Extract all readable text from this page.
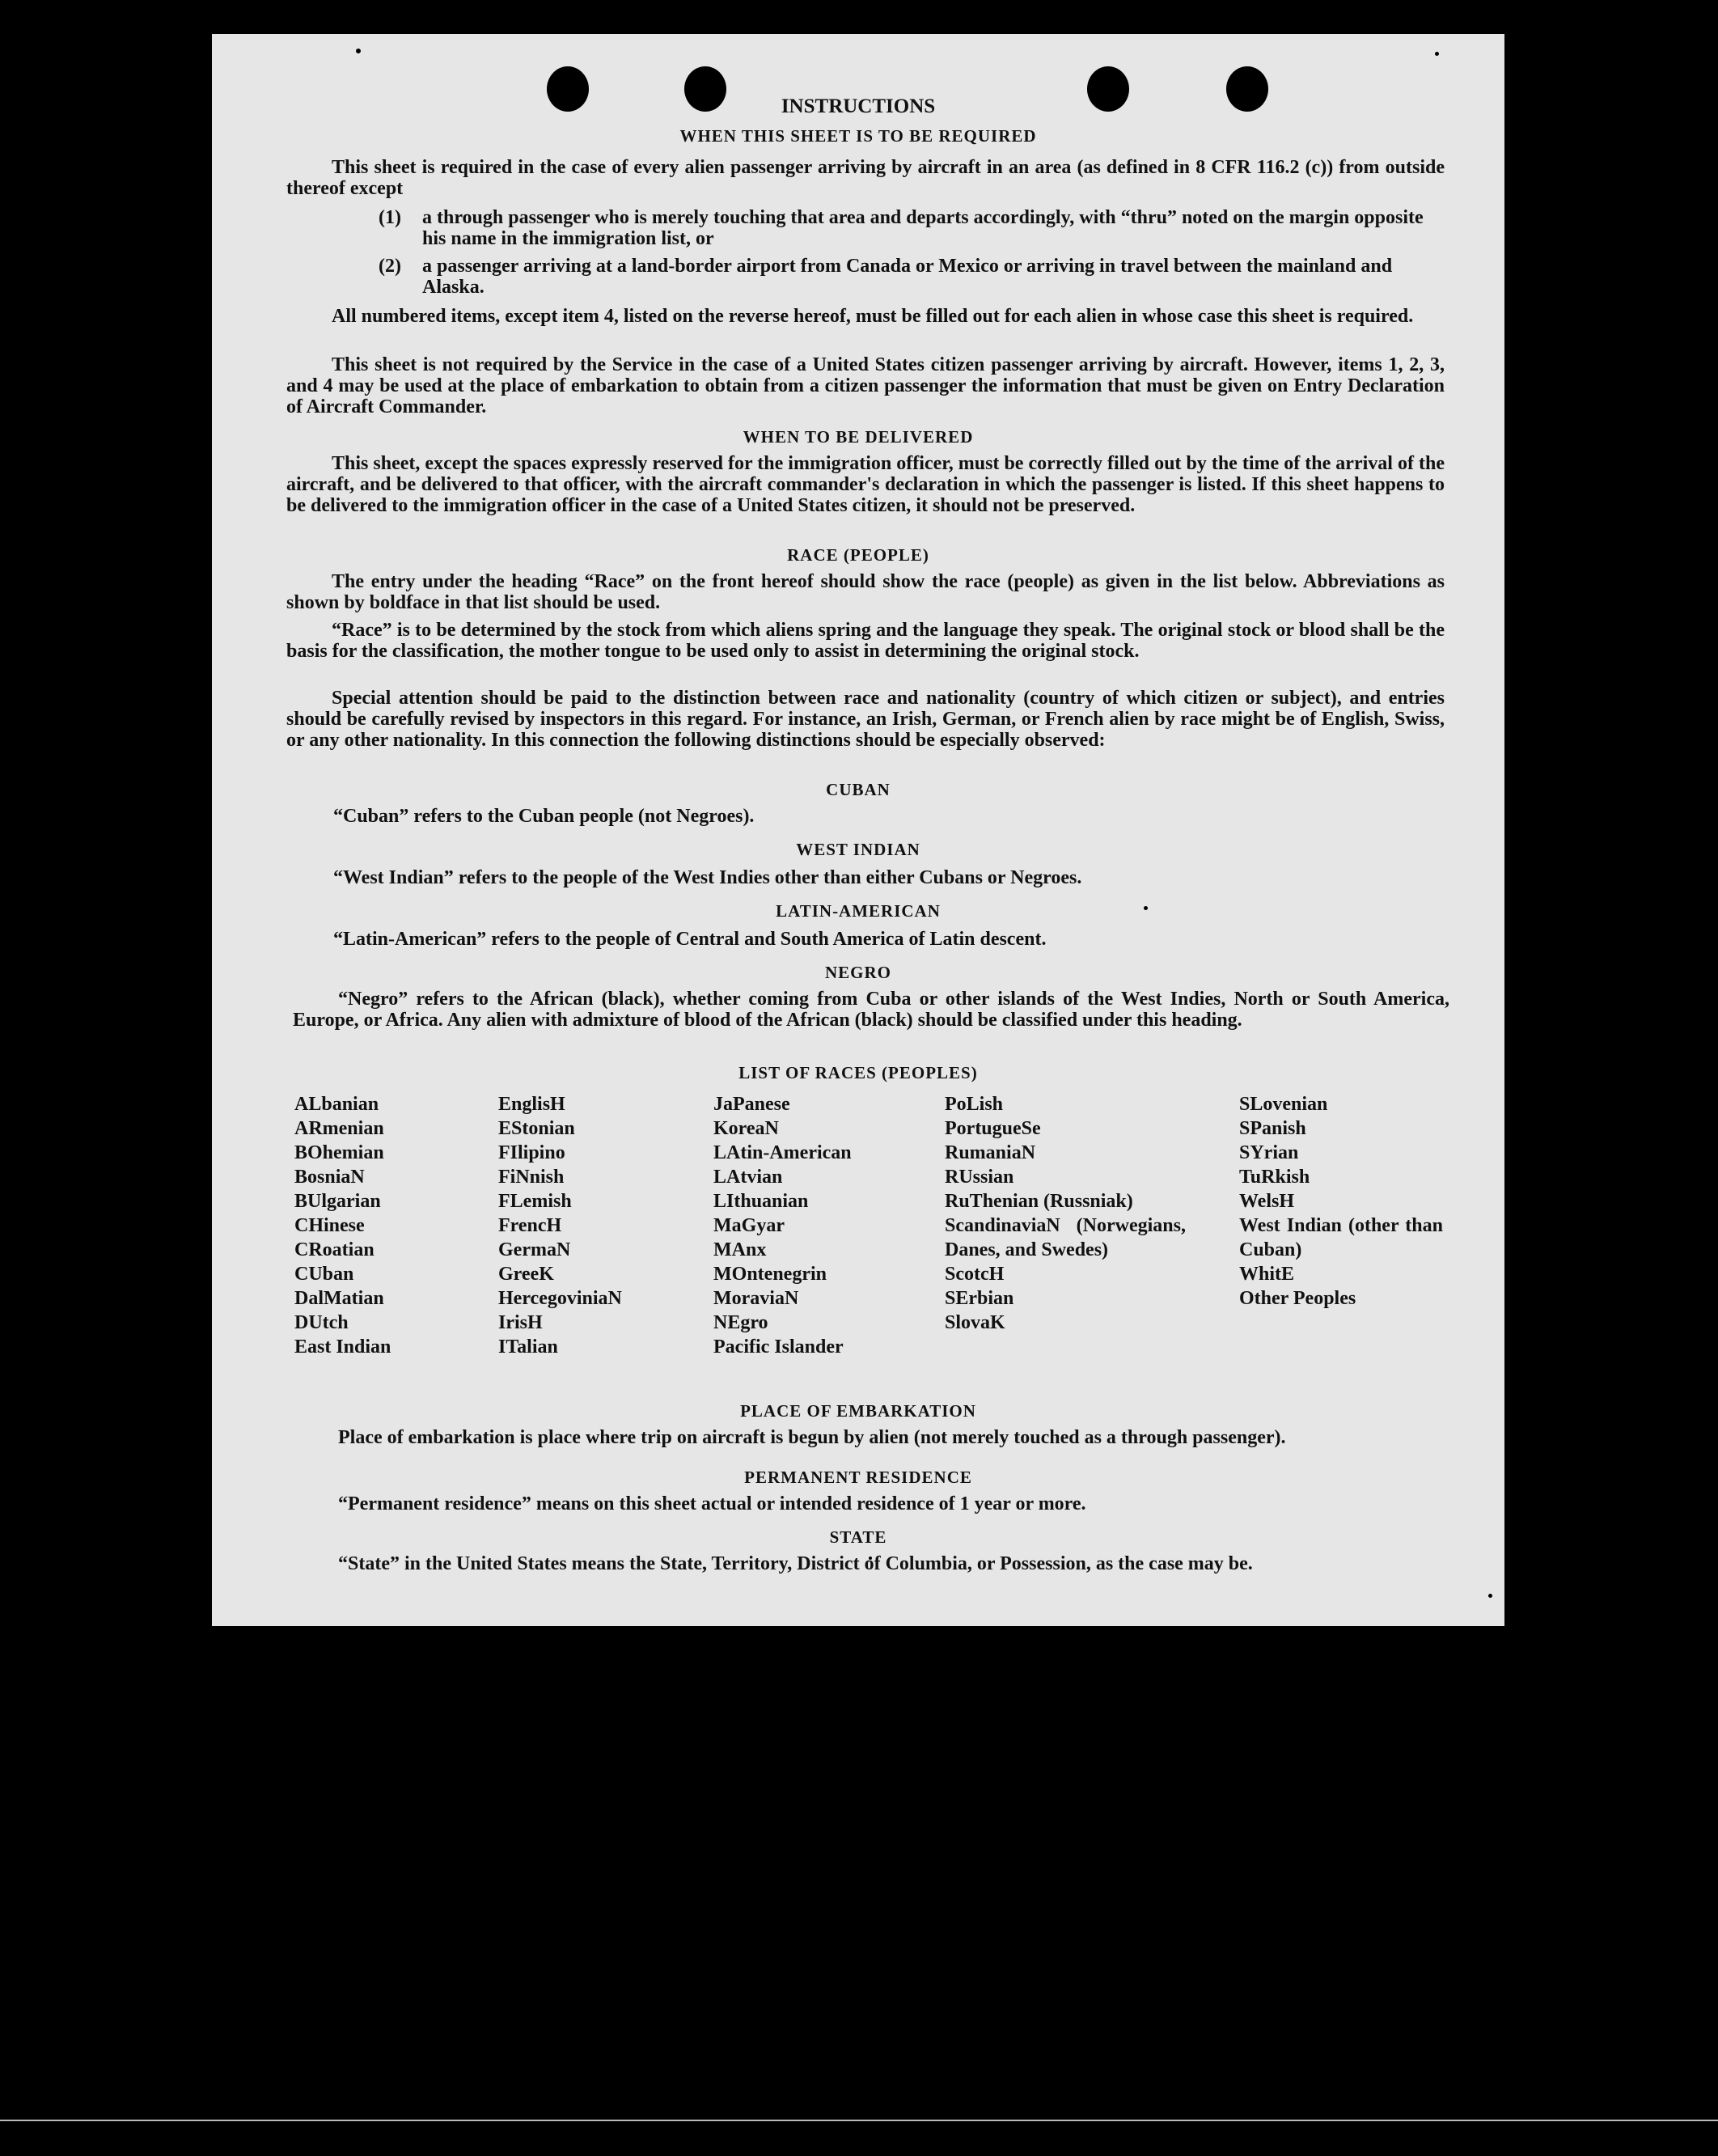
INSTRUCTIONS
WHEN THIS SHEET IS TO BE REQUIRED
This sheet is required in the case of every alien passenger arriving by aircraft in an area (as defined in 8 CFR 116.2 (c)) from outside thereof except
(1) a through passenger who is merely touching that area and departs accordingly, with “thru” noted on the margin opposite his name in the immigration list, or
(2) a passenger arriving at a land-border airport from Canada or Mexico or arriving in travel between the mainland and Alaska.
All numbered items, except item 4, listed on the reverse hereof, must be filled out for each alien in whose case this sheet is required.
This sheet is not required by the Service in the case of a United States citizen passenger arriving by aircraft. However, items 1, 2, 3, and 4 may be used at the place of embarkation to obtain from a citizen passenger the information that must be given on Entry Declaration of Aircraft Commander.
WHEN TO BE DELIVERED
This sheet, except the spaces expressly reserved for the immigration officer, must be correctly filled out by the time of the arrival of the aircraft, and be delivered to that officer, with the aircraft commander's declaration in which the passenger is listed. If this sheet happens to be delivered to the immigration officer in the case of a United States citizen, it should not be preserved.
RACE (PEOPLE)
The entry under the heading “Race” on the front hereof should show the race (people) as given in the list below. Abbreviations as shown by boldface in that list should be used.
“Race” is to be determined by the stock from which aliens spring and the language they speak. The original stock or blood shall be the basis for the classification, the mother tongue to be used only to assist in determining the original stock.
Special attention should be paid to the distinction between race and nationality (country of which citizen or subject), and entries should be carefully revised by inspectors in this regard. For instance, an Irish, German, or French alien by race might be of English, Swiss, or any other nationality. In this connection the following distinctions should be especially observed:
CUBAN
“Cuban” refers to the Cuban people (not Negroes).
WEST INDIAN
“West Indian” refers to the people of the West Indies other than either Cubans or Negroes.
LATIN-AMERICAN
“Latin-American” refers to the people of Central and South America of Latin descent.
NEGRO
“Negro” refers to the African (black), whether coming from Cuba or other islands of the West Indies, North or South America, Europe, or Africa. Any alien with admixture of blood of the African (black) should be classified under this heading.
LIST OF RACES (PEOPLES)
ALbanian
ARmenian
BOhemian
BosniaN
BUlgarian
CHinese
CRoatian
CUban
DalMatian
DUtch
East Indian
EnglisH
EStonian
FIlipino
FiNnish
FLemish
FrencH
GermaN
GreeK
HercegoviniaN
IrisH
ITalian
JaPanese
KoreaN
LAtin-American
LAtvian
LIthuanian
MaGyar
MAnx
MOntenegrin
MoraviaN
NEgro
Pacific Islander
PoLish
PortugueSe
RumaniaN
RUssian
RuThenian (Russniak)
ScandinaviaN (Norwegians, Danes, and Swedes)
ScotcH
SErbian
SlovaK
SLovenian
SPanish
SYrian
TuRkish
WelsH
West Indian (other than Cuban)
WhitE
Other Peoples
PLACE OF EMBARKATION
Place of embarkation is place where trip on aircraft is begun by alien (not merely touched as a through passenger).
PERMANENT RESIDENCE
“Permanent residence” means on this sheet actual or intended residence of 1 year or more.
STATE
“State” in the United States means the State, Territory, District of Columbia, or Possession, as the case may be.
